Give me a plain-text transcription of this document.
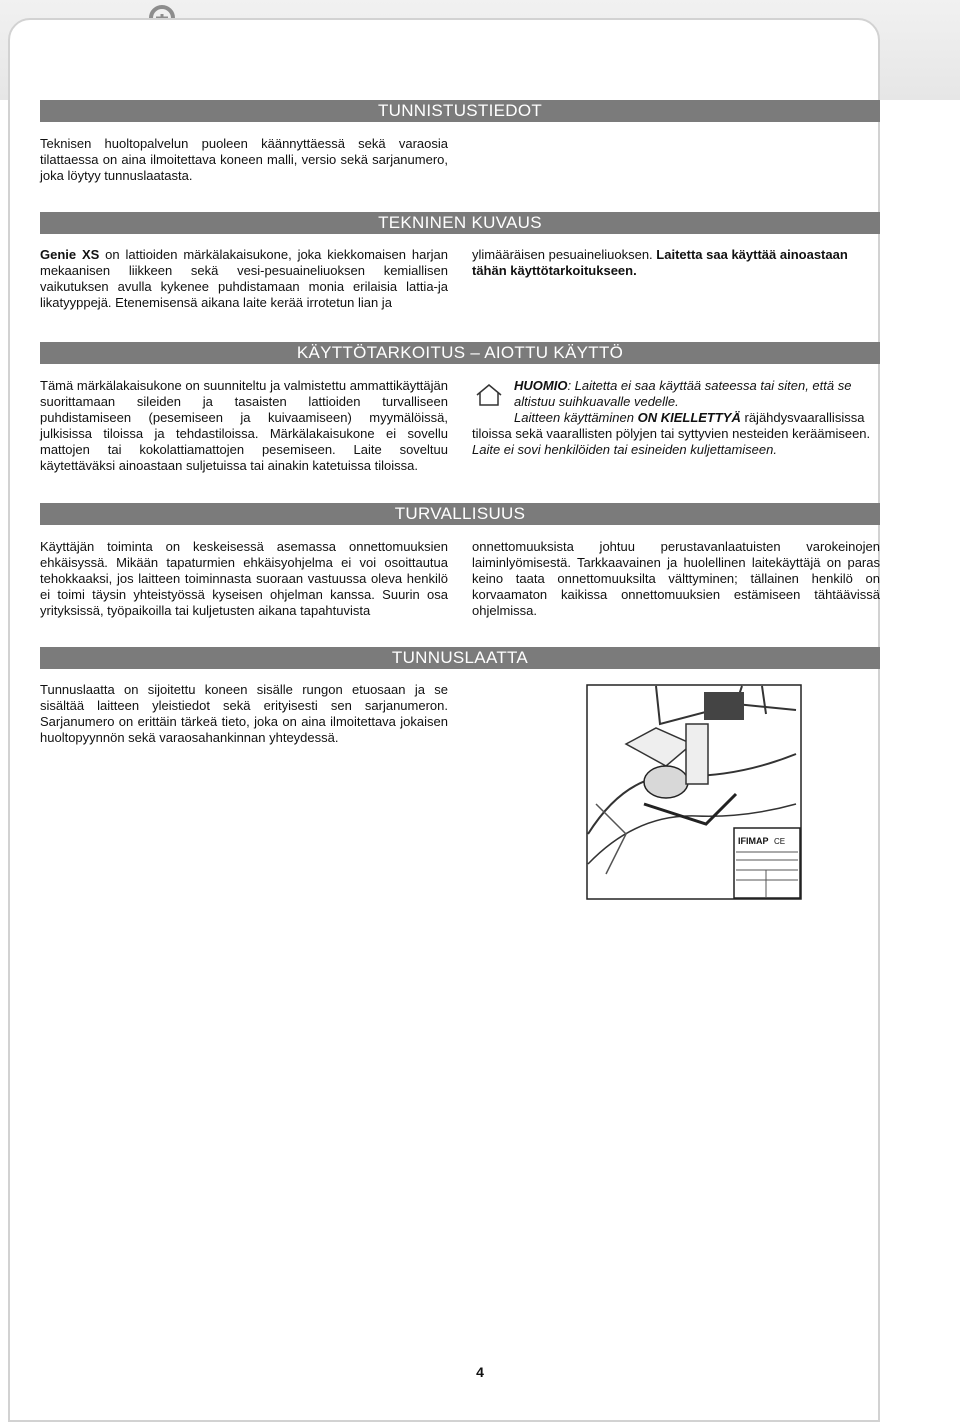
TUNNISTUSTIEDOT

Teknisen huoltopalvelun puoleen käännyttäessä sekä varaosia tilattaessa on aina ilmoitettava koneen malli, versio sekä sarjanumero, joka löytyy tunnuslaatasta.

TEKNINEN KUVAUS

Genie XS on lattioiden märkälakaisukone, joka kiekkomaisen harjan mekaanisen liikkeen sekä vesi-pesuaineliuoksen kemiallisen vaikutuksen avulla kykenee puhdistamaan monia erilaisia lattia-ja likatyyppejä. Etenemisensä aikana laite kerää irrotetun lian ja

ylimääräisen pesuaineliuoksen. Laitetta saa käyttää ainoastaan tähän käyttötarkoitukseen.

KÄYTTÖTARKOITUS – AIOTTU KÄYTTÖ

Tämä märkälakaisukone on suunniteltu ja valmistettu ammattikäyttäjän suorittamaan sileiden ja tasaisten lattioiden turvalliseen puhdistamiseen (pesemiseen ja kuivaamiseen) myymälöissä, julkisissa tiloissa ja tehdastiloissa. Märkälakaisukone ei sovellu mattojen tai kokolattiamattojen pesemiseen. Laite soveltuu käytettäväksi ainoastaan suljetuissa tai ainakin katetuissa tiloissa.

HUOMIO: Laitetta ei saa käyttää sateessa tai siten, että se altistuu suihkuavalle vedelle.

Laitteen käyttäminen ON KIELLETTYÄ räjähdysvaarallisissa tiloissa sekä vaarallisten pölyjen tai syttyvien nesteiden keräämiseen.

Laite ei sovi henkilöiden tai esineiden kuljettamiseen.

TURVALLISUUS

Käyttäjän toiminta on keskeisessä asemassa onnettomuuksien ehkäisyssä. Mikään tapaturmien ehkäisyohjelma ei voi osoittautua tehokkaaksi, jos laitteen toiminnasta suoraan vastuussa oleva henkilö ei toimi täysin yhteistyössä kyseisen ohjelman kanssa. Suurin osa yrityksissä, työpaikoilla tai kuljetusten aikana tapahtuvista

onnettomuuksista johtuu perustavanlaatuisten varokeinojen laiminlyömisestä. Tarkkaavainen ja huolellinen laitekäyttäjä on paras keino taata onnettomuuksilta välttyminen; tällainen henkilö on korvaamaton kaikissa onnettomuuksien estämiseen tähtäävissä ohjelmissa.

TUNNUSLAATTA

Tunnuslaatta on sijoitettu koneen sisälle rungon etuosaan ja se sisältää laitteen yleistiedot sekä erityisesti sen sarjanumeron. Sarjanumero on erittäin tärkeä tieto, joka on aina ilmoitettava jokaisen huoltopyynnön sekä varaosahankinnan yhteydessä.

IFIMAP CE
4
